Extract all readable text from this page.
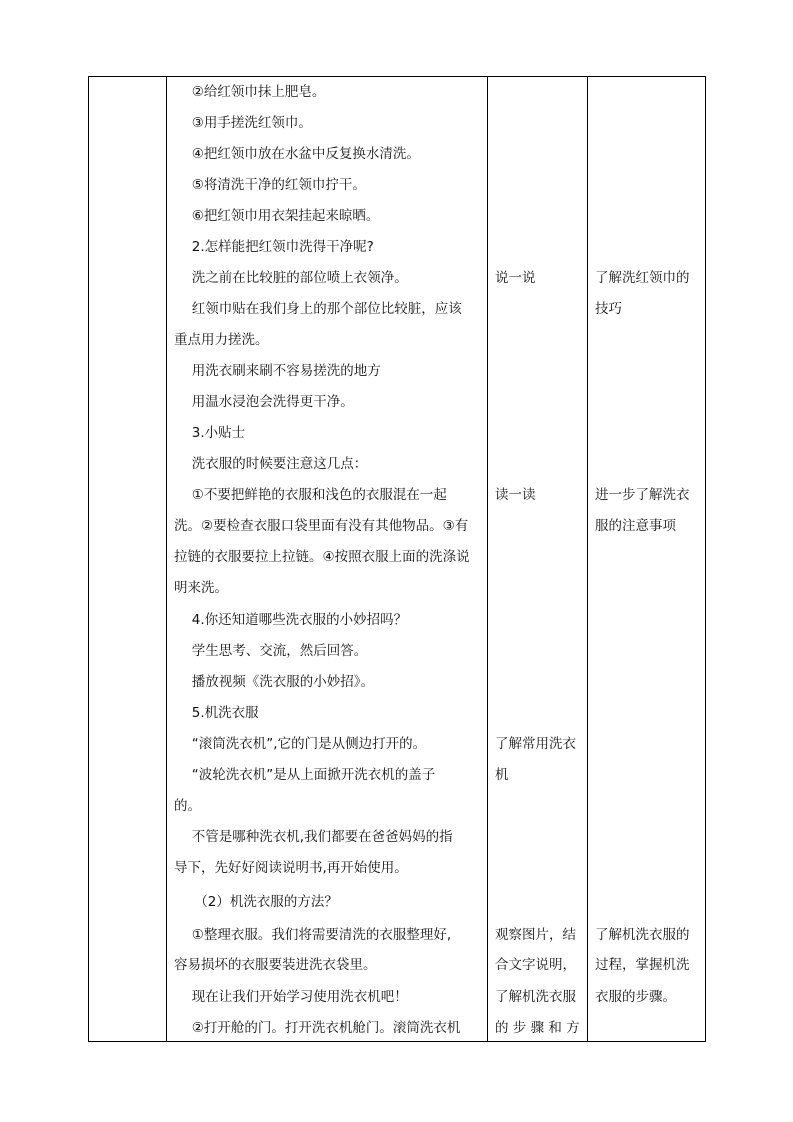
　 ②给红领巾抹上肥皂。
　 ③用手搓洗红领巾。
　 ④把红领巾放在水盆中反复换水清洗。
　 ⑤将清洗干净的红领巾拧干。
　 ⑥把红领巾用衣架挂起来晾晒。
　 2.怎样能把红领巾洗得干净呢?
　 洗之前在比较脏的部位喷上衣领净。
　 红领巾贴在我们身上的那个部位比较脏，应该
重点用力搓洗。
　 用洗衣刷来刷不容易搓洗的地方
　 用温水浸泡会洗得更干净。
　 3.小贴士
　 洗衣服的时候要注意这几点：
　 ①不要把鲜艳的衣服和浅色的衣服混在一起
洗。②要检查衣服口袋里面有没有其他物品。③有
拉链的衣服要拉上拉链。④按照衣服上面的洗涤说
明来洗。
　 4.你还知道哪些洗衣服的小妙招吗？
　 学生思考、交流，然后回答。
　 播放视频《洗衣服的小妙招》。
　 5.机洗衣服
　 “滚筒洗衣机”,它的门是从侧边打开的。
　 “波轮洗衣机”是从上面掀开洗衣机的盖子
的。
　 不管是哪种洗衣机,我们都要在爸爸妈妈的指
导下，先好好阅读说明书,再开始使用。
　　（2）机洗衣服的方法？
　 ①整理衣服。我们将需要清洗的衣服整理好,
容易损坏的衣服要装进洗衣袋里。
　 现在让我们开始学习使用洗衣机吧！
　 ②打开舱的门。打开洗衣机舱门。滚筒洗衣机
说一说
读一读
了解常用洗衣
机
观察图片，结
合文字说明，
了解机洗衣服
的 步 骤 和 方
了解洗红领巾的
技巧
进一步了解洗衣
服的注意事项
了解机洗衣服的
过程，掌握机洗
衣服的步骤。
